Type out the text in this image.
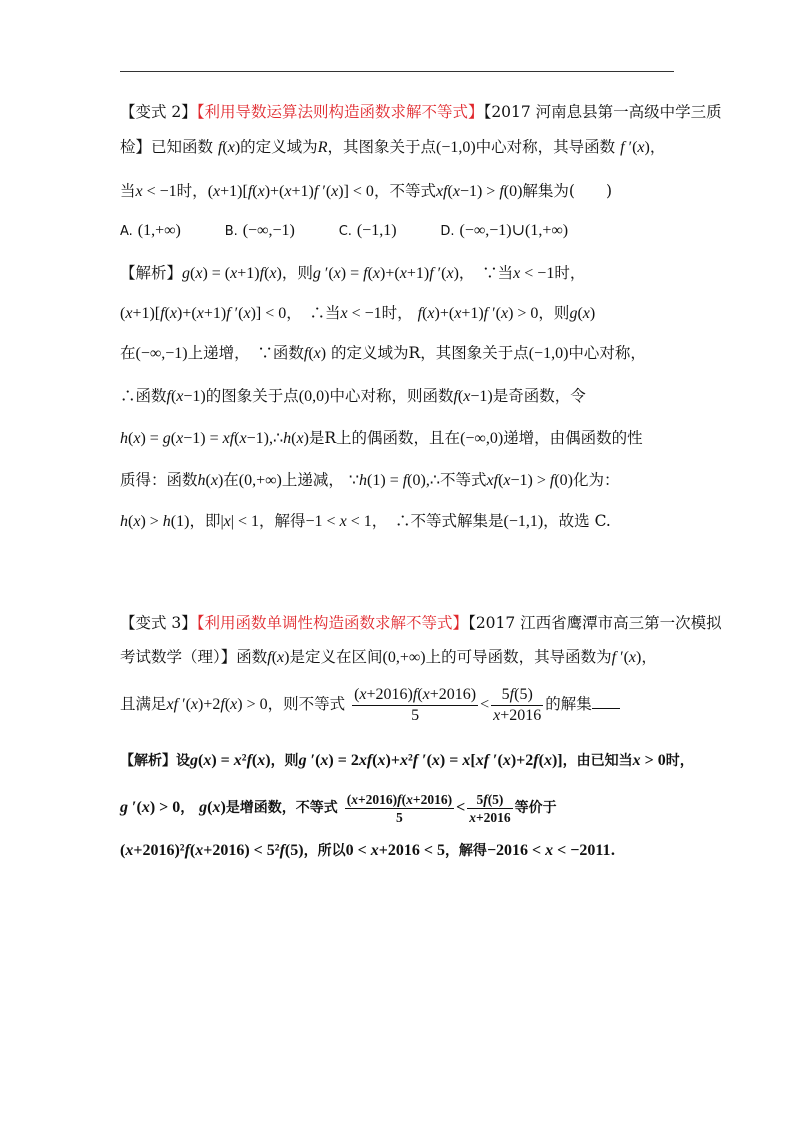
【变式 2】【利用导数运算法则构造函数求解不等式】【2017 河南息县第一高级中学三质
检】已知函数 f(x)的定义域为R，其图象关于点(−1,0)中心对称，其导函数 f ′(x)，
当x < −1时，(x+1)[f(x)+(x+1)f ′(x)] < 0，不等式xf(x−1) > f(0)解集为(　　)
A. (1,+∞)	B. (−∞,−1)	C. (−1,1)	D. (−∞,−1)∪(1,+∞)
【解析】g(x) = (x+1)f(x)，则g ′(x) = f(x)+(x+1)f ′(x)，　∵当x < −1时，
(x+1)[f(x)+(x+1)f ′(x)] < 0，　∴当x < −1时， f(x)+(x+1)f ′(x) > 0，则g(x)
在(−∞,−1)上递增，　∵函数f(x) 的定义域为R，其图象关于点(−1,0)中心对称，
∴函数f(x−1)的图象关于点(0,0)中心对称，则函数f(x−1)是奇函数，令
h(x) = g(x−1) = xf(x−1),∴h(x)是R上的偶函数，且在(−∞,0)递增，由偶函数的性
质得：函数h(x)在(0,+∞)上递减， ∵h(1) = f(0),∴不等式xf(x−1) > f(0)化为：
h(x) > h(1)，即|x| < 1，解得−1 < x < 1，　∴不等式解集是(−1,1)，故选 C.
【变式 3】【利用函数单调性构造函数求解不等式】【2017 江西省鹰潭市高三第一次模拟
考试数学（理）】函数f(x)是定义在区间(0,+∞)上的可导函数，其导函数为f ′(x)，
且满足xf ′(x)+2f(x) > 0，则不等式 $\frac{(x+2016)f(x+2016)}{5} < \frac{5f(5)}{x+2016}$ 的解集
【解析】设g(x) = x²f(x)，则g ′(x) = 2xf(x)+x²f ′(x) = x[xf ′(x)+2f(x)]，由已知当x > 0时，
g ′(x) > 0， g(x)是增函数，不等式 $\frac{(x+2016)f(x+2016)}{5} < \frac{5f(5)}{x+2016}$ 等价于
(x+2016)²f(x+2016) < 5²f(5)，所以0 < x+2016 < 5，解得−2016 < x < −2011.
